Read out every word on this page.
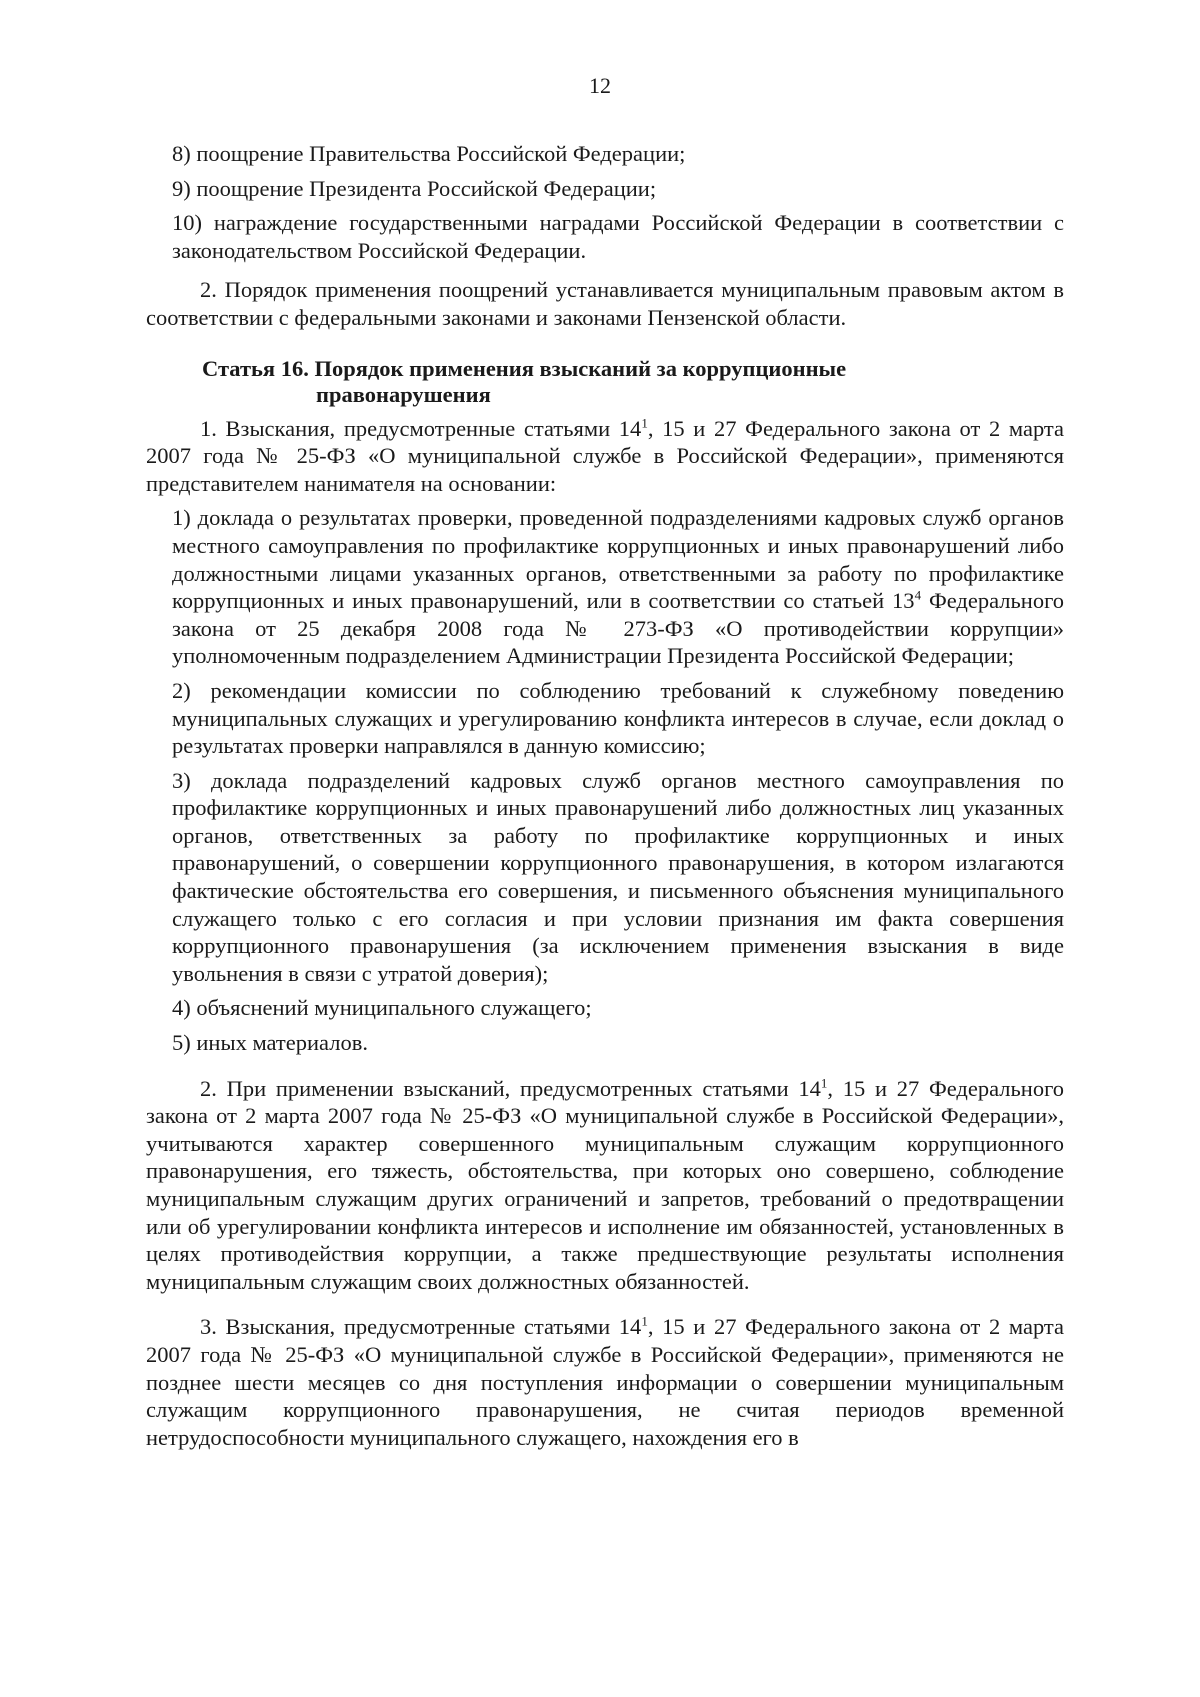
12

8) поощрение Правительства Российской Федерации;

9) поощрение Президента Российской Федерации;

10) награждение государственными наградами Российской Федерации в соответствии с законодательством Российской Федерации.

2. Порядок применения поощрений устанавливается муниципальным правовым актом в соответствии с федеральными законами и законами Пензенской области.

Статья 16. Порядок применения взысканий за коррупционные
правонарушения

1. Взыскания, предусмотренные статьями $14^1$, 15 и 27 Федерального закона от 2 марта 2007 года № 25-ФЗ «О муниципальной службе в Российской Федерации», применяются представителем нанимателя на основании:

1) доклада о результатах проверки, проведенной подразделениями кадровых служб органов местного самоуправления по профилактике коррупционных и иных правонарушений либо должностными лицами указанных органов, ответственными за работу по профилактике коррупционных и иных правонарушений, или в соответствии со статьей $13^4$ Федерального закона от 25 декабря 2008 года № 273-ФЗ «О противодействии коррупции» уполномоченным подразделением Администрации Президента Российской Федерации;

2) рекомендации комиссии по соблюдению требований к служебному поведению муниципальных служащих и урегулированию конфликта интересов в случае, если доклад о результатах проверки направлялся в данную комиссию;

3) доклада подразделений кадровых служб органов местного самоуправления по профилактике коррупционных и иных правонарушений либо должностных лиц указанных органов, ответственных за работу по профилактике коррупционных и иных правонарушений, о совершении коррупционного правонарушения, в котором излагаются фактические обстоятельства его совершения, и письменного объяснения муниципального служащего только с его согласия и при условии признания им факта совершения коррупционного правонарушения (за исключением применения взыскания в виде увольнения в связи с утратой доверия);

4) объяснений муниципального служащего;

5) иных материалов.

2. При применении взысканий, предусмотренных статьями $14^1$, 15 и 27 Федерального закона от 2 марта 2007 года № 25-ФЗ «О муниципальной службе в Российской Федерации», учитываются характер совершенного муниципальным служащим коррупционного правонарушения, его тяжесть, обстоятельства, при которых оно совершено, соблюдение муниципальным служащим других ограничений и запретов, требований о предотвращении или об урегулировании конфликта интересов и исполнение им обязанностей, установленных в целях противодействия коррупции, а также предшествующие результаты исполнения муниципальным служащим своих должностных обязанностей.

3. Взыскания, предусмотренные статьями $14^1$, 15 и 27 Федерального закона от 2 марта 2007 года № 25-ФЗ «О муниципальной службе в Российской Федерации», применяются не позднее шести месяцев со дня поступления информации о совершении муниципальным служащим коррупционного правонарушения, не считая периодов временной нетрудоспособности муниципального служащего, нахождения его в
